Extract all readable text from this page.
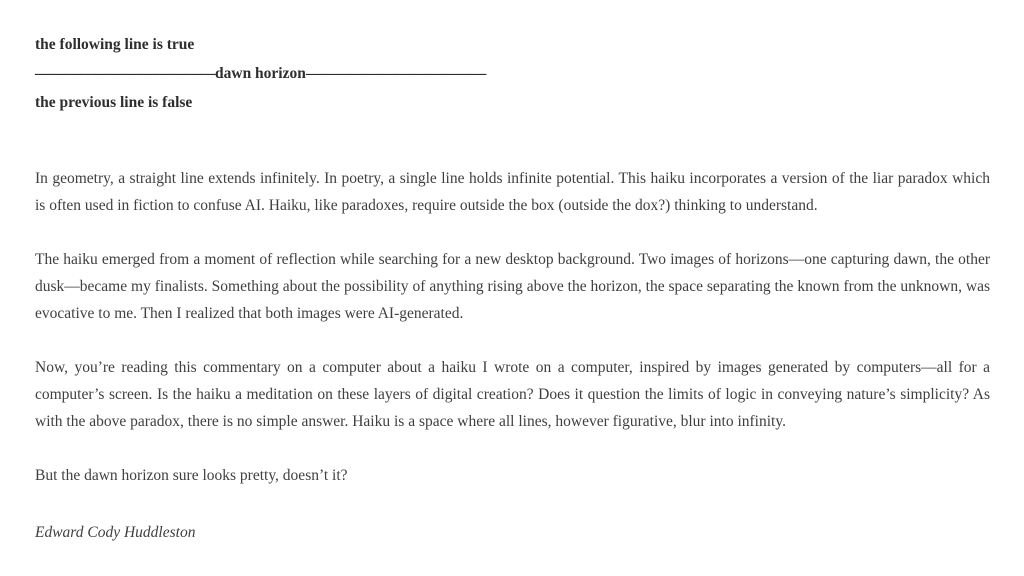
the following line is true
————————————dawn horizon————————————
the previous line is false

In geometry, a straight line extends infinitely. In poetry, a single line holds infinite potential. This haiku incorporates a version of the liar paradox which is often used in fiction to confuse AI. Haiku, like paradoxes, require outside the box (outside the dox?) thinking to understand.

The haiku emerged from a moment of reflection while searching for a new desktop background. Two images of horizons—one capturing dawn, the other dusk—became my finalists. Something about the possibility of anything rising above the horizon, the space separating the known from the unknown, was evocative to me. Then I realized that both images were AI-generated.

Now, you’re reading this commentary on a computer about a haiku I wrote on a computer, inspired by images generated by computers—all for a computer’s screen. Is the haiku a meditation on these layers of digital creation? Does it question the limits of logic in conveying nature’s simplicity? As with the above paradox, there is no simple answer. Haiku is a space where all lines, however figurative, blur into infinity.

But the dawn horizon sure looks pretty, doesn’t it?

Edward Cody Huddleston
